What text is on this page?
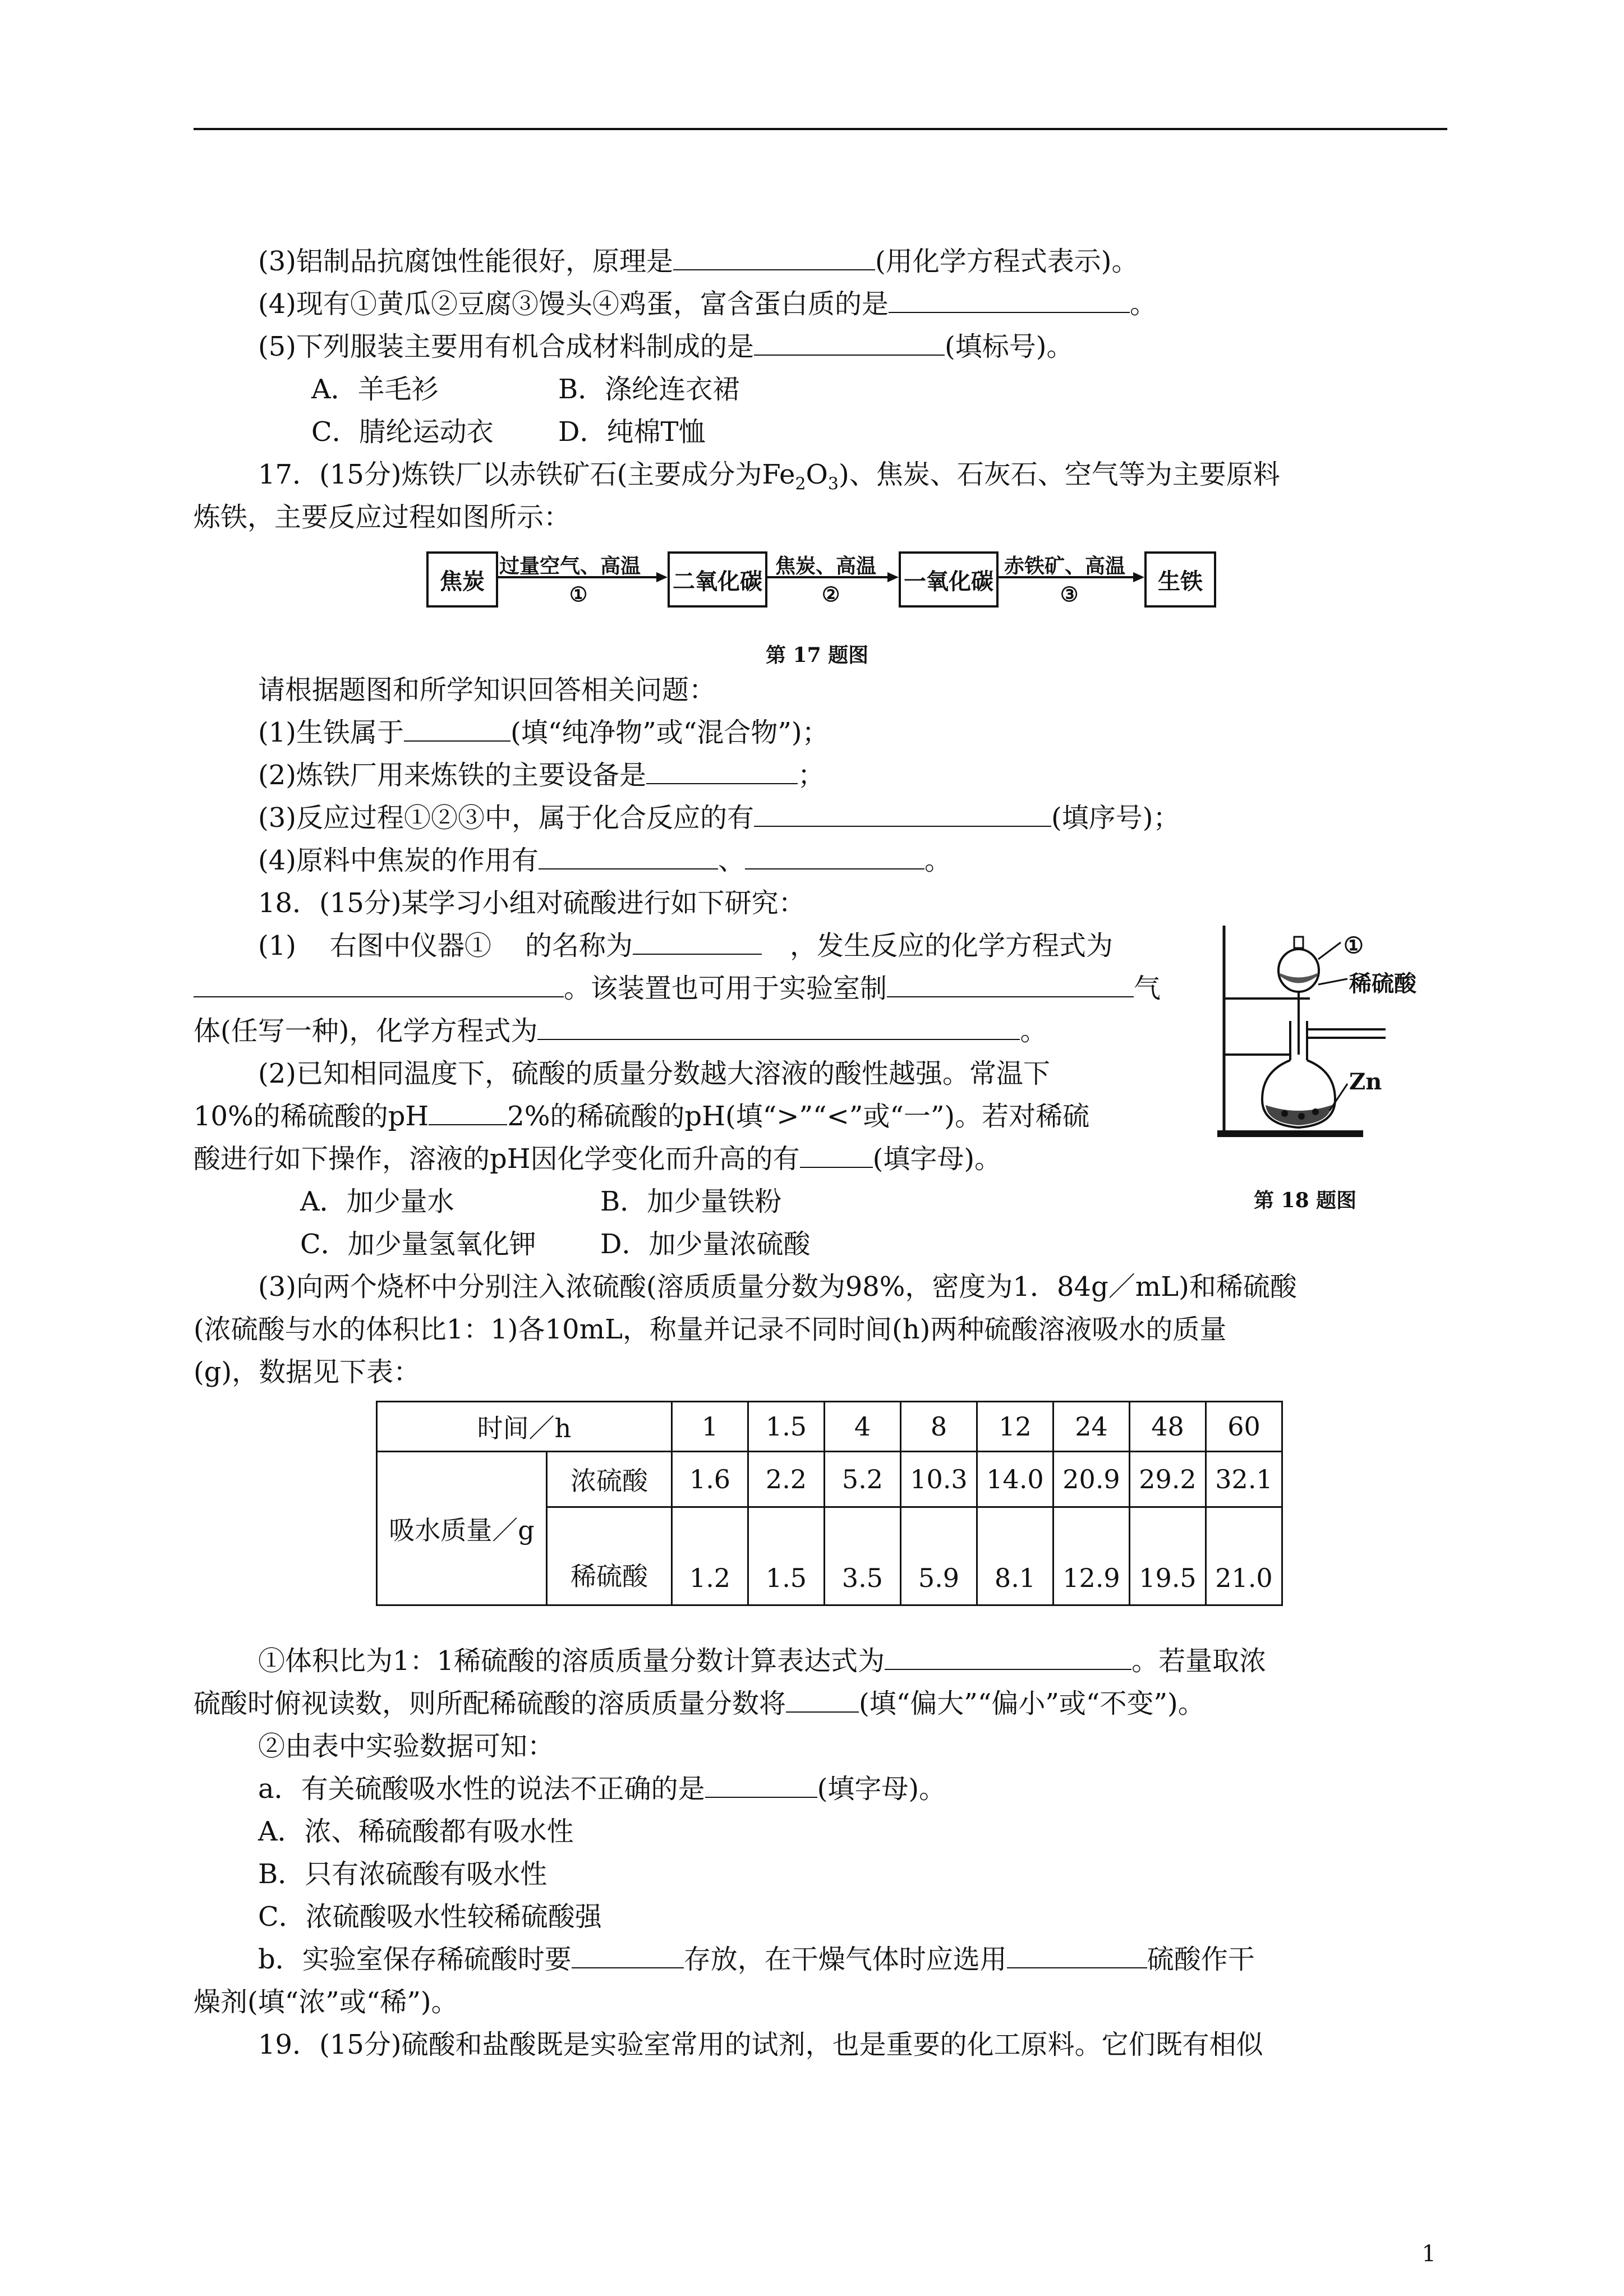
(3)铝制品抗腐蚀性能很好，原理是	(用化学方程式表示)。
(4)现有①黄瓜②豆腐③馒头④鸡蛋，富含蛋白质的是	。
(5)下列服装主要用有机合成材料制成的是	(填标号)。
A．羊毛衫	B．涤纶连衣裙
C．腈纶运动衣 D．纯棉T恤
17．(15分)炼铁厂以赤铁矿石(主要成分为$Fe_2O_3$)、焦炭、石灰石、空气等为主要原料
炼铁，主要反应过程如图所示：
焦炭	二氧化碳	一氧化碳	生铁
过量空气、高温
①
焦炭、高温
②
赤铁矿、高温
③
第 17 题图
请根据题图和所学知识回答相关问题：
(1)生铁属于	(填“纯净物”或“混合物”)；
(2)炼铁厂用来炼铁的主要设备是	；
(3)反应过程①②③中，属于化合反应的有	(填序号)；
(4)原料中焦炭的作用有	、	。
18．(15分)某学习小组对硫酸进行如下研究：
(1) 右图中仪器① 的名称为	，发生反应的化学方程式为
。该装置也可用于实验室制	气
体(任写一种)，化学方程式为	。
(2)已知相同温度下，硫酸的质量分数越大溶液的酸性越强。常温下
10%的稀硫酸的pH	2%的稀硫酸的pH(填“>”“<”或“一”)。若对稀硫
酸进行如下操作，溶液的pH因化学变化而升高的有	(填字母)。
A．加少量水	B．加少量铁粉
C．加少量氢氧化钾 D．加少量浓硫酸
(3)向两个烧杯中分别注入浓硫酸(溶质质量分数为98%，密度为1．84g／mL)和稀硫酸
(浓硫酸与水的体积比1：1)各10mL，称量并记录不同时间(h)两种硫酸溶液吸水的质量
(g)，数据见下表：
①
稀硫酸
Zn
第 18 题图
时间／h		1	1.5	4	8	12	24	48	60
吸水质量／g	浓硫酸	1.6	2.2	5.2	10.3	14.0	20.9	29.2	32.1
	稀硫酸	1.2	1.5	3.5	5.9	8.1	12.9	19.5	21.0
①体积比为1：1稀硫酸的溶质质量分数计算表达式为	。若量取浓
硫酸时俯视读数，则所配稀硫酸的溶质质量分数将	(填“偏大”“偏小”或“不变”)。
②由表中实验数据可知：
a．有关硫酸吸水性的说法不正确的是	(填字母)。
A．浓、稀硫酸都有吸水性
B．只有浓硫酸有吸水性
C．浓硫酸吸水性较稀硫酸强
b．实验室保存稀硫酸时要	存放，在干燥气体时应选用	硫酸作干
燥剂(填“浓”或“稀”)。
19．(15分)硫酸和盐酸既是实验室常用的试剂，也是重要的化工原料。它们既有相似
1
